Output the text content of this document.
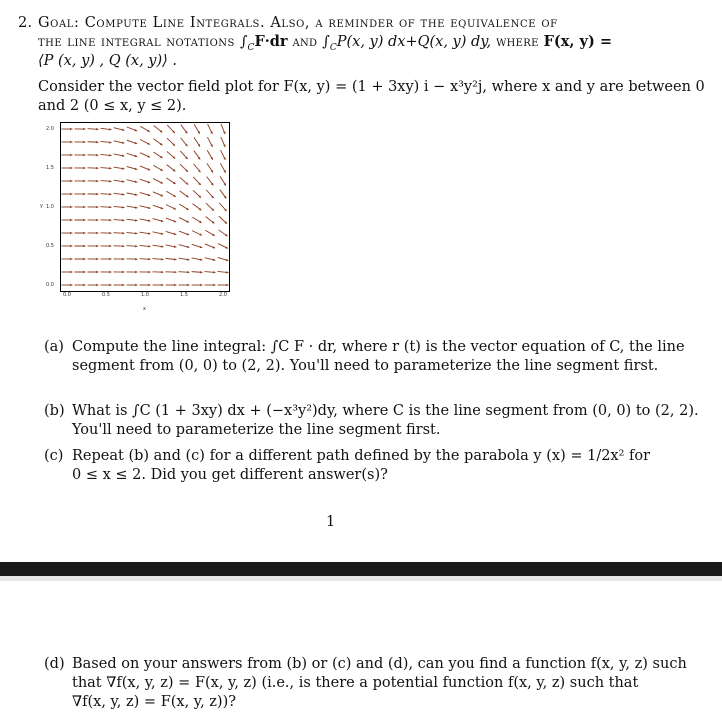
2. Goal: Compute Line Integrals. Also, a reminder of the equivalence of
the line integral notations $\int_CF\cdot dr$ and $\int_CP(x$, y) dx+Q(x, y) dy, where F(x, y) =
⟨P (x, y) , Q (x, y)⟩ .
Consider the vector field plot for F(x, y) = (1 + 3xy) i − x³y²j, where x and y are between 0
and 2 (0 ≤ x, y ≤ 2).
0.0
0.5
1.0
1.5
2.0
0.0	0.5	1.0	1.5	2.0
y
x
(a) Compute the line integral: ∫C F · dr, where r (t) is the vector equation of C, the line
segment from (0, 0) to (2, 2). You'll need to parameterize the line segment first.
(b) What is ∫C (1 + 3xy) dx + (−x³y²)dy, where C is the line segment from (0, 0) to (2, 2).
You'll need to parameterize the line segment first.
(c) Repeat (b) and (c) for a different path defined by the parabola y (x) = 1/2x² for
0 ≤ x ≤ 2. Did you get different answer(s)?
1
(d) Based on your answers from (b) or (c) and (d), can you find a function f(x, y, z) such
that ∇f(x, y, z) = F(x, y, z) (i.e., is there a potential function f(x, y, z) such that
∇f(x, y, z) = F(x, y, z))?
